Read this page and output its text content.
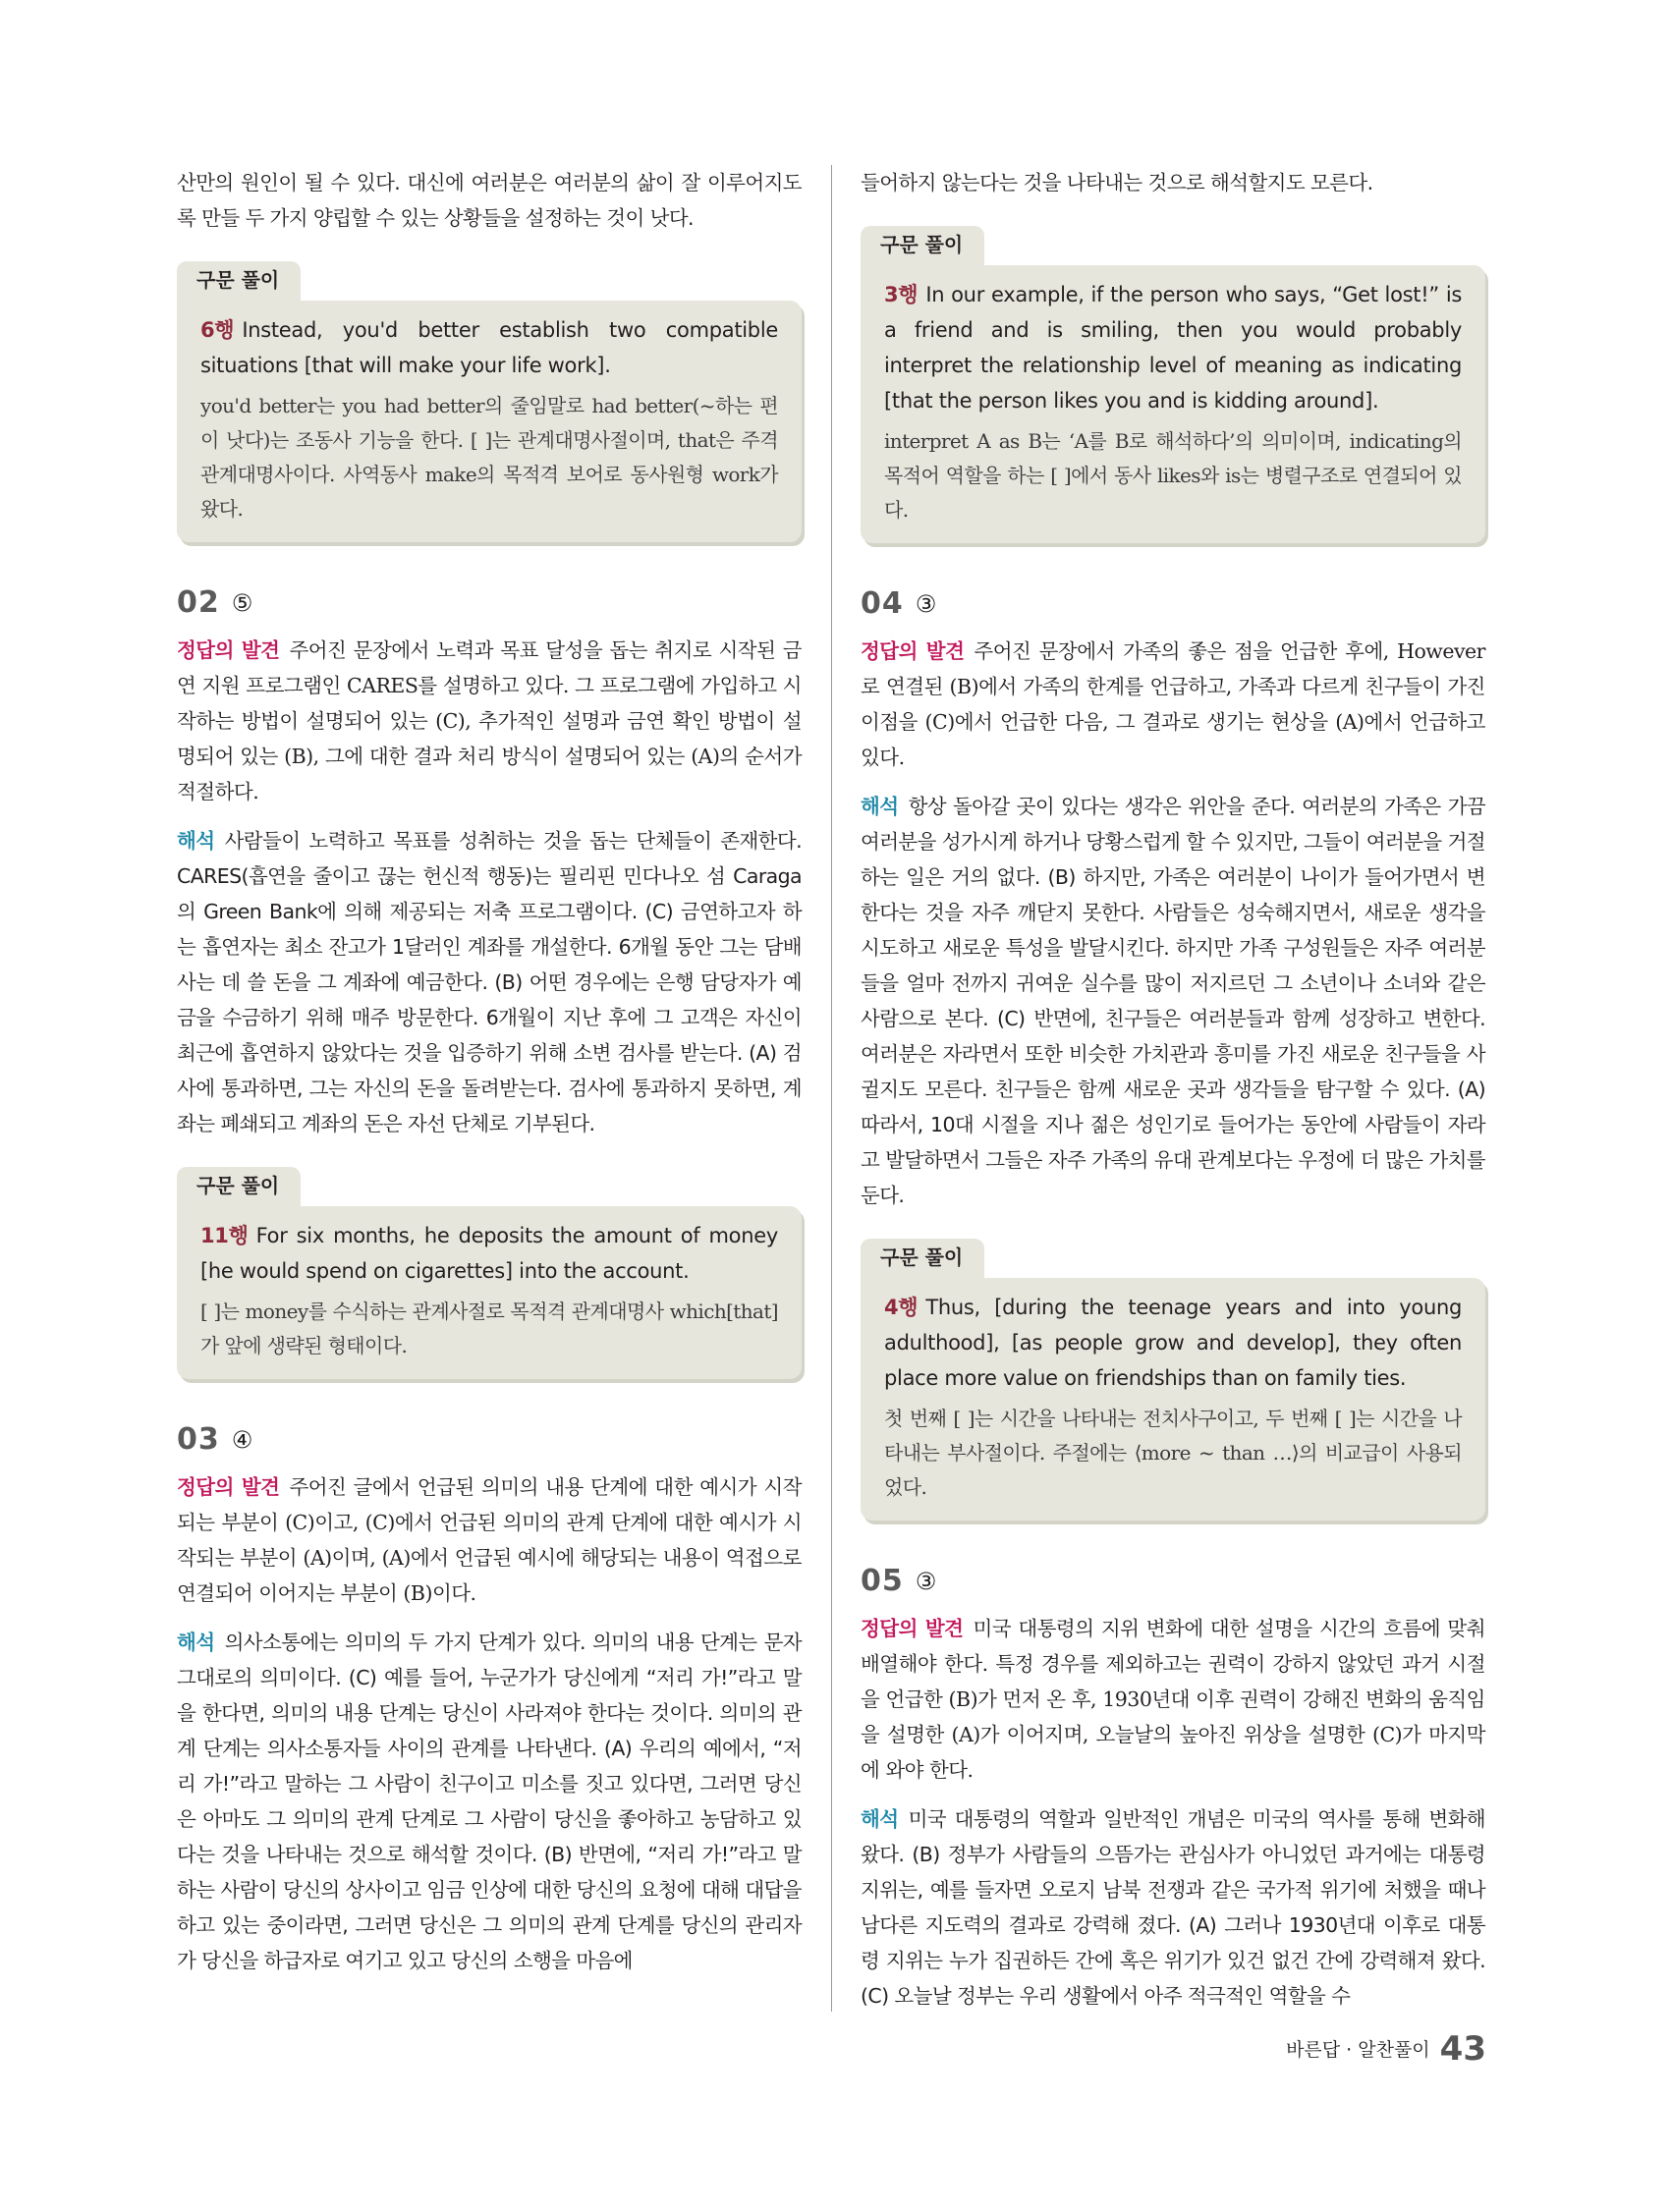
산만의 원인이 될 수 있다. 대신에 여러분은 여러분의 삶이 잘 이루어지도록 만들 두 가지 양립할 수 있는 상황들을 설정하는 것이 낫다.

구문 풀이

6행 Instead, you'd better establish two compatible situations [that will make your life work].

you'd better는 you had better의 줄임말로 had better(~하는 편이 낫다)는 조동사 기능을 한다. [ ]는 관계대명사절이며, that은 주격 관계대명사이다. 사역동사 make의 목적격 보어로 동사원형 work가 왔다.

02 ⑤

정답의 발견 주어진 문장에서 노력과 목표 달성을 돕는 취지로 시작된 금연 지원 프로그램인 CARES를 설명하고 있다. 그 프로그램에 가입하고 시작하는 방법이 설명되어 있는 (C), 추가적인 설명과 금연 확인 방법이 설명되어 있는 (B), 그에 대한 결과 처리 방식이 설명되어 있는 (A)의 순서가 적절하다.

해석 사람들이 노력하고 목표를 성취하는 것을 돕는 단체들이 존재한다. CARES(흡연을 줄이고 끊는 헌신적 행동)는 필리핀 민다나오 섬 Caraga의 Green Bank에 의해 제공되는 저축 프로그램이다. (C) 금연하고자 하는 흡연자는 최소 잔고가 1달러인 계좌를 개설한다. 6개월 동안 그는 담배 사는 데 쓸 돈을 그 계좌에 예금한다. (B) 어떤 경우에는 은행 담당자가 예금을 수금하기 위해 매주 방문한다. 6개월이 지난 후에 그 고객은 자신이 최근에 흡연하지 않았다는 것을 입증하기 위해 소변 검사를 받는다. (A) 검사에 통과하면, 그는 자신의 돈을 돌려받는다. 검사에 통과하지 못하면, 계좌는 폐쇄되고 계좌의 돈은 자선 단체로 기부된다.

구문 풀이

11행 For six months, he deposits the amount of money [he would spend on cigarettes] into the account.

[ ]는 money를 수식하는 관계사절로 목적격 관계대명사 which[that]가 앞에 생략된 형태이다.

03 ④

정답의 발견 주어진 글에서 언급된 의미의 내용 단계에 대한 예시가 시작되는 부분이 (C)이고, (C)에서 언급된 의미의 관계 단계에 대한 예시가 시작되는 부분이 (A)이며, (A)에서 언급된 예시에 해당되는 내용이 역접으로 연결되어 이어지는 부분이 (B)이다.

해석 의사소통에는 의미의 두 가지 단계가 있다. 의미의 내용 단계는 문자 그대로의 의미이다. (C) 예를 들어, 누군가가 당신에게 “저리 가!”라고 말을 한다면, 의미의 내용 단계는 당신이 사라져야 한다는 것이다. 의미의 관계 단계는 의사소통자들 사이의 관계를 나타낸다. (A) 우리의 예에서, “저리 가!”라고 말하는 그 사람이 친구이고 미소를 짓고 있다면, 그러면 당신은 아마도 그 의미의 관계 단계로 그 사람이 당신을 좋아하고 농담하고 있다는 것을 나타내는 것으로 해석할 것이다. (B) 반면에, “저리 가!”라고 말하는 사람이 당신의 상사이고 임금 인상에 대한 당신의 요청에 대해 대답을 하고 있는 중이라면, 그러면 당신은 그 의미의 관계 단계를 당신의 관리자가 당신을 하급자로 여기고 있고 당신의 소행을 마음에

들어하지 않는다는 것을 나타내는 것으로 해석할지도 모른다.

구문 풀이

3행 In our example, if the person who says, “Get lost!” is a friend and is smiling, then you would probably interpret the relationship level of meaning as indicating [that the person likes you and is kidding around].

interpret A as B는 ‘A를 B로 해석하다’의 의미이며, indicating의 목적어 역할을 하는 [ ]에서 동사 likes와 is는 병렬구조로 연결되어 있다.

04 ③

정답의 발견 주어진 문장에서 가족의 좋은 점을 언급한 후에, However로 연결된 (B)에서 가족의 한계를 언급하고, 가족과 다르게 친구들이 가진 이점을 (C)에서 언급한 다음, 그 결과로 생기는 현상을 (A)에서 언급하고 있다.

해석 항상 돌아갈 곳이 있다는 생각은 위안을 준다. 여러분의 가족은 가끔 여러분을 성가시게 하거나 당황스럽게 할 수 있지만, 그들이 여러분을 거절하는 일은 거의 없다. (B) 하지만, 가족은 여러분이 나이가 들어가면서 변한다는 것을 자주 깨닫지 못한다. 사람들은 성숙해지면서, 새로운 생각을 시도하고 새로운 특성을 발달시킨다. 하지만 가족 구성원들은 자주 여러분들을 얼마 전까지 귀여운 실수를 많이 저지르던 그 소년이나 소녀와 같은 사람으로 본다. (C) 반면에, 친구들은 여러분들과 함께 성장하고 변한다. 여러분은 자라면서 또한 비슷한 가치관과 흥미를 가진 새로운 친구들을 사귈지도 모른다. 친구들은 함께 새로운 곳과 생각들을 탐구할 수 있다. (A) 따라서, 10대 시절을 지나 젊은 성인기로 들어가는 동안에 사람들이 자라고 발달하면서 그들은 자주 가족의 유대 관계보다는 우정에 더 많은 가치를 둔다.

구문 풀이

4행 Thus, [during the teenage years and into young adulthood], [as people grow and develop], they often place more value on friendships than on family ties.

첫 번째 [ ]는 시간을 나타내는 전치사구이고, 두 번째 [ ]는 시간을 나타내는 부사절이다. 주절에는 ⟨more ~ than …⟩의 비교급이 사용되었다.

05 ③

정답의 발견 미국 대통령의 지위 변화에 대한 설명을 시간의 흐름에 맞춰 배열해야 한다. 특정 경우를 제외하고는 권력이 강하지 않았던 과거 시절을 언급한 (B)가 먼저 온 후, 1930년대 이후 권력이 강해진 변화의 움직임을 설명한 (A)가 이어지며, 오늘날의 높아진 위상을 설명한 (C)가 마지막에 와야 한다.

해석 미국 대통령의 역할과 일반적인 개념은 미국의 역사를 통해 변화해 왔다. (B) 정부가 사람들의 으뜸가는 관심사가 아니었던 과거에는 대통령 지위는, 예를 들자면 오로지 남북 전쟁과 같은 국가적 위기에 처했을 때나 남다른 지도력의 결과로 강력해 졌다. (A) 그러나 1930년대 이후로 대통령 지위는 누가 집권하든 간에 혹은 위기가 있건 없건 간에 강력해져 왔다. (C) 오늘날 정부는 우리 생활에서 아주 적극적인 역할을 수

바른답 · 알찬풀이 43
